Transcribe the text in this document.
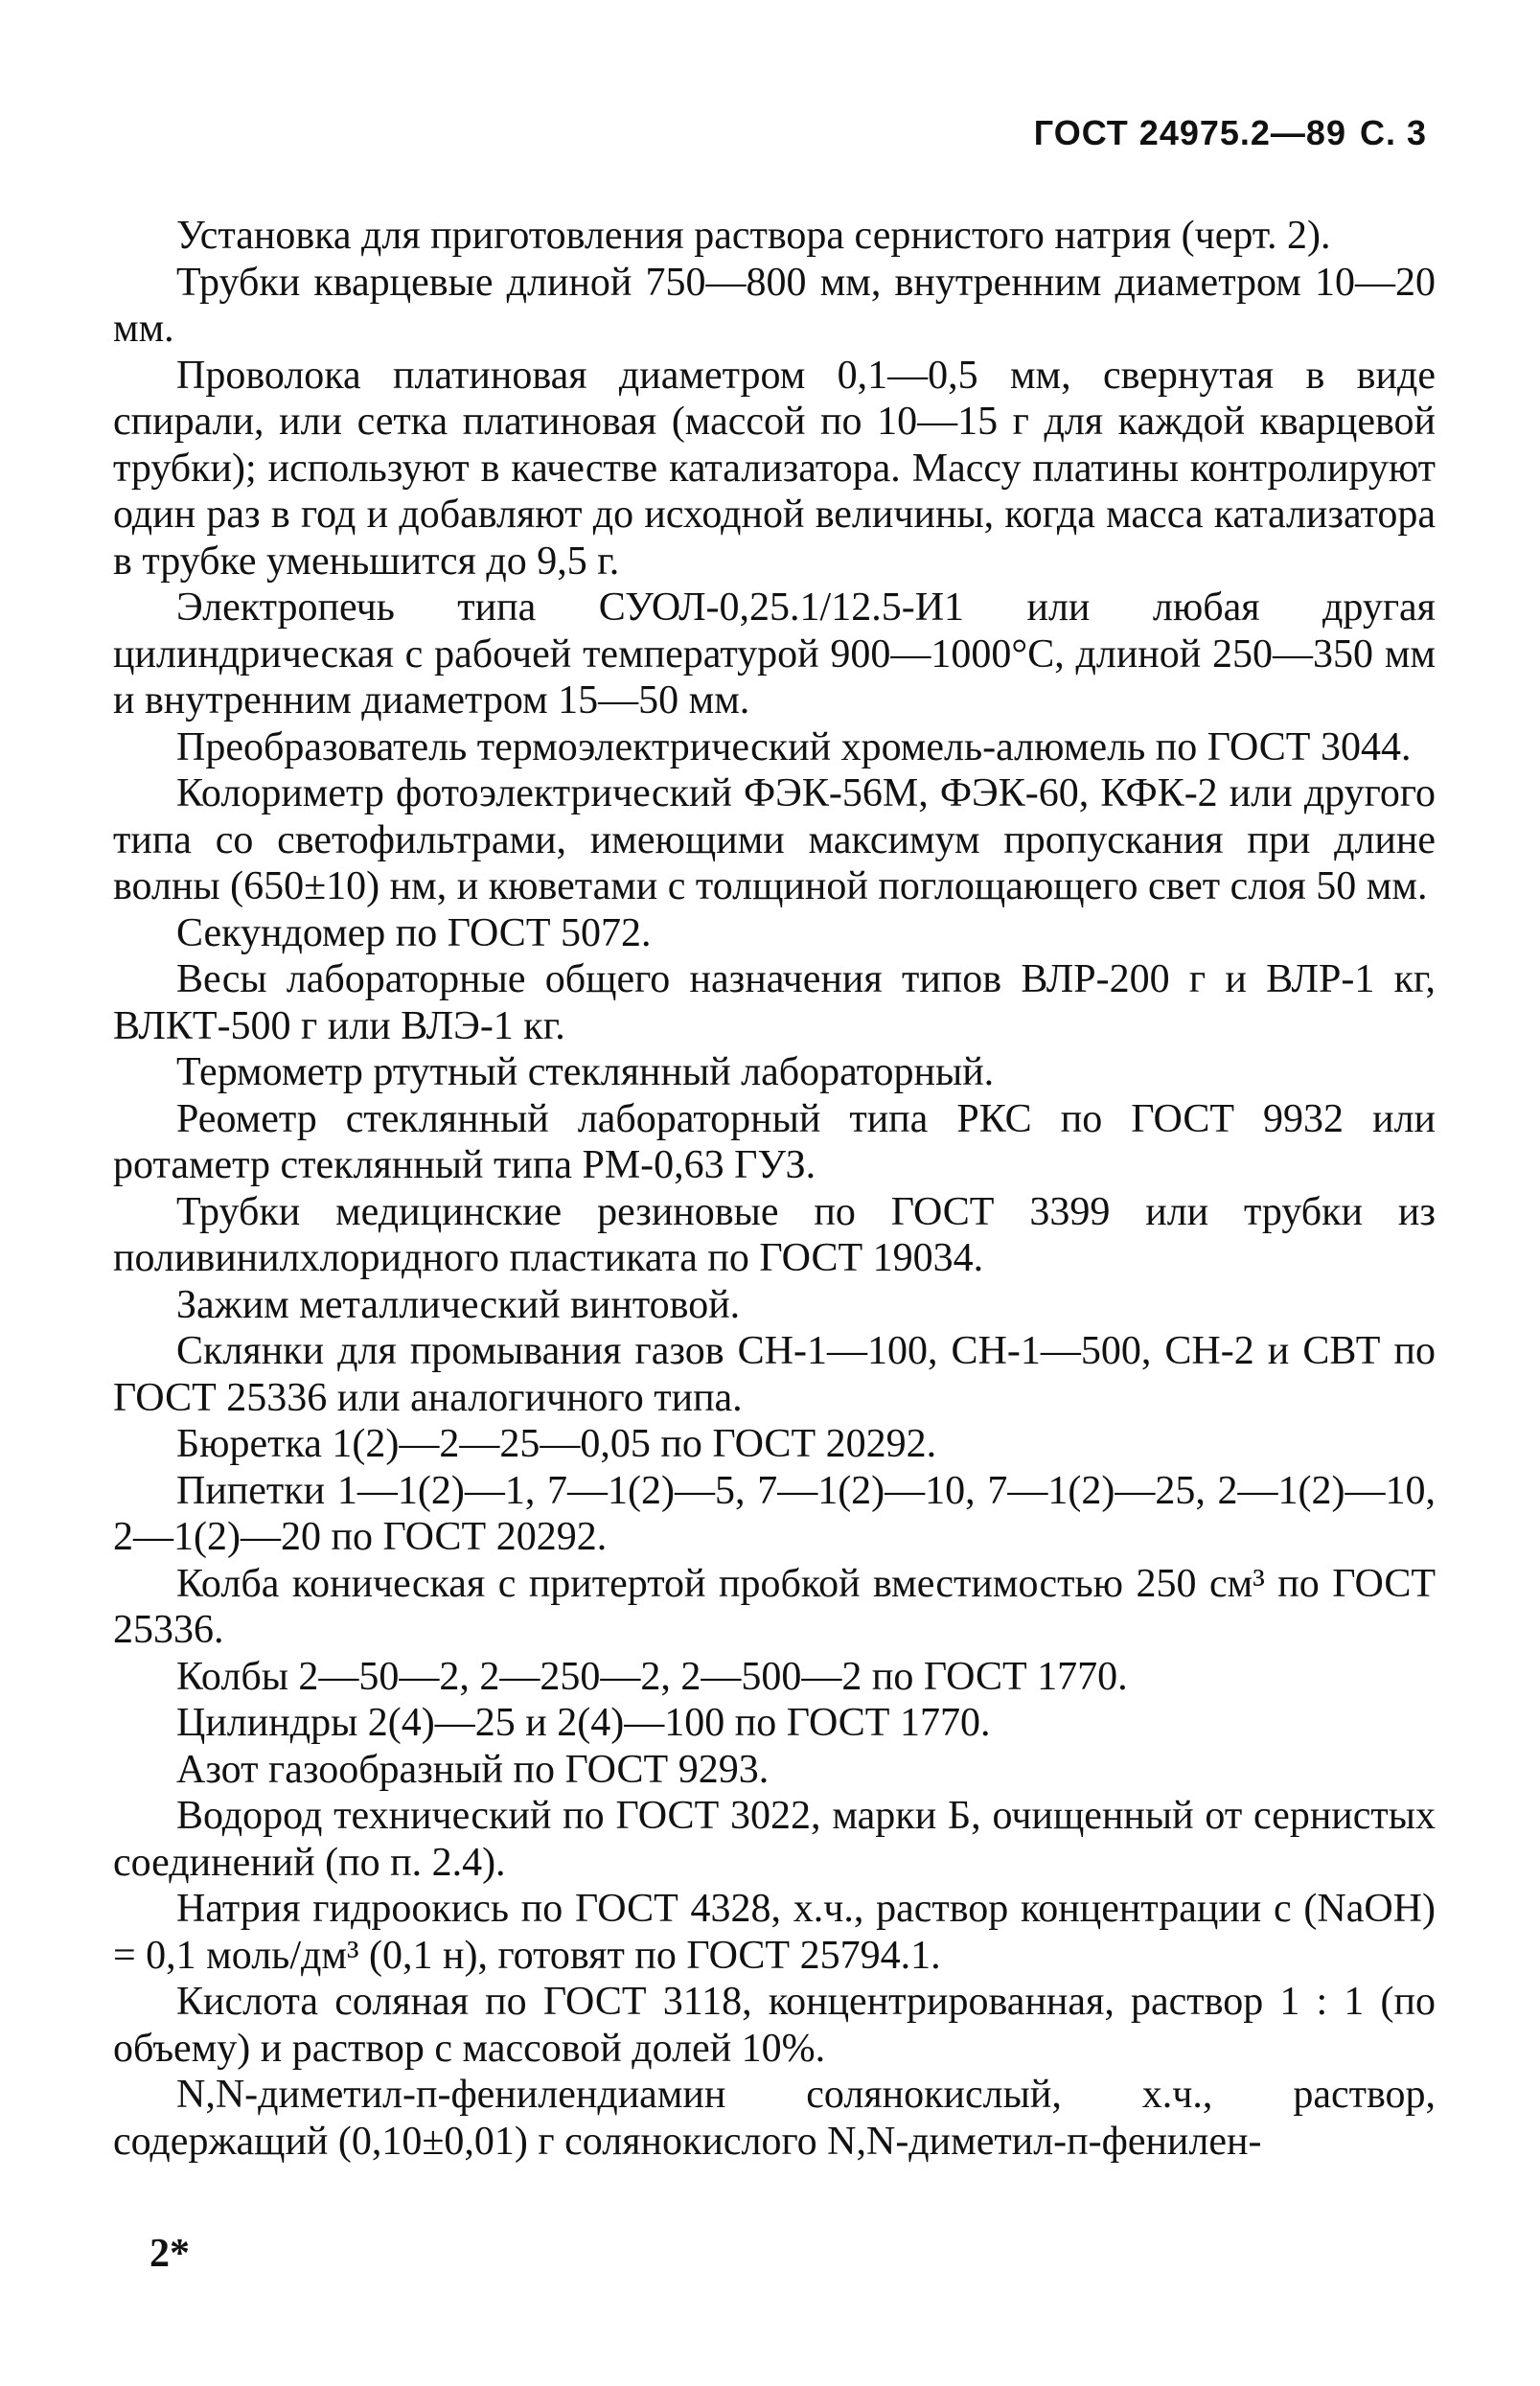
ГОСТ 24975.2—89 С. 3

Установка для приготовления раствора сернистого натрия (черт. 2).

Трубки кварцевые длиной 750—800 мм, внутренним диаметром 10—20 мм.

Проволока платиновая диаметром 0,1—0,5 мм, свернутая в виде спирали, или сетка платиновая (массой по 10—15 г для каждой кварцевой трубки); используют в качестве катализатора. Массу платины контролируют один раз в год и добавляют до исходной величины, когда масса катализатора в трубке уменьшится до 9,5 г.

Электропечь типа СУОЛ-0,25.1/12.5-И1 или любая другая цилиндрическая с рабочей температурой 900—1000°С, длиной 250—350 мм и внутренним диаметром 15—50 мм.

Преобразователь термоэлектрический хромель-алюмель по ГОСТ 3044.

Колориметр фотоэлектрический ФЭК-56М, ФЭК-60, КФК-2 или другого типа со светофильтрами, имеющими максимум пропускания при длине волны (650±10) нм, и кюветами с толщиной поглощающего свет слоя 50 мм.

Секундомер по ГОСТ 5072.

Весы лабораторные общего назначения типов ВЛР-200 г и ВЛР-1 кг, ВЛКТ-500 г или ВЛЭ-1 кг.

Термометр ртутный стеклянный лабораторный.

Реометр стеклянный лабораторный типа РКС по ГОСТ 9932 или ротаметр стеклянный типа РМ-0,63 ГУЗ.

Трубки медицинские резиновые по ГОСТ 3399 или трубки из поливинилхлоридного пластиката по ГОСТ 19034.

Зажим металлический винтовой.

Склянки для промывания газов СН-1—100, СН-1—500, СН-2 и СВТ по ГОСТ 25336 или аналогичного типа.

Бюретка 1(2)—2—25—0,05 по ГОСТ 20292.

Пипетки 1—1(2)—1, 7—1(2)—5, 7—1(2)—10, 7—1(2)—25, 2—1(2)—10, 2—1(2)—20 по ГОСТ 20292.

Колба коническая с притертой пробкой вместимостью 250 см³ по ГОСТ 25336.

Колбы 2—50—2, 2—250—2, 2—500—2 по ГОСТ 1770.

Цилиндры 2(4)—25 и 2(4)—100 по ГОСТ 1770.

Азот газообразный по ГОСТ 9293.

Водород технический по ГОСТ 3022, марки Б, очищенный от сернистых соединений (по п. 2.4).

Натрия гидроокись по ГОСТ 4328, х.ч., раствор концентрации c (NaOH) = 0,1 моль/дм³ (0,1 н), готовят по ГОСТ 25794.1.

Кислота соляная по ГОСТ 3118, концентрированная, раствор 1 : 1 (по объему) и раствор с массовой долей 10%.

N,N-диметил-п-фенилендиамин солянокислый, х.ч., раствор, содержащий (0,10±0,01) г солянокислого N,N-диметил-п-фенилен-

2*
